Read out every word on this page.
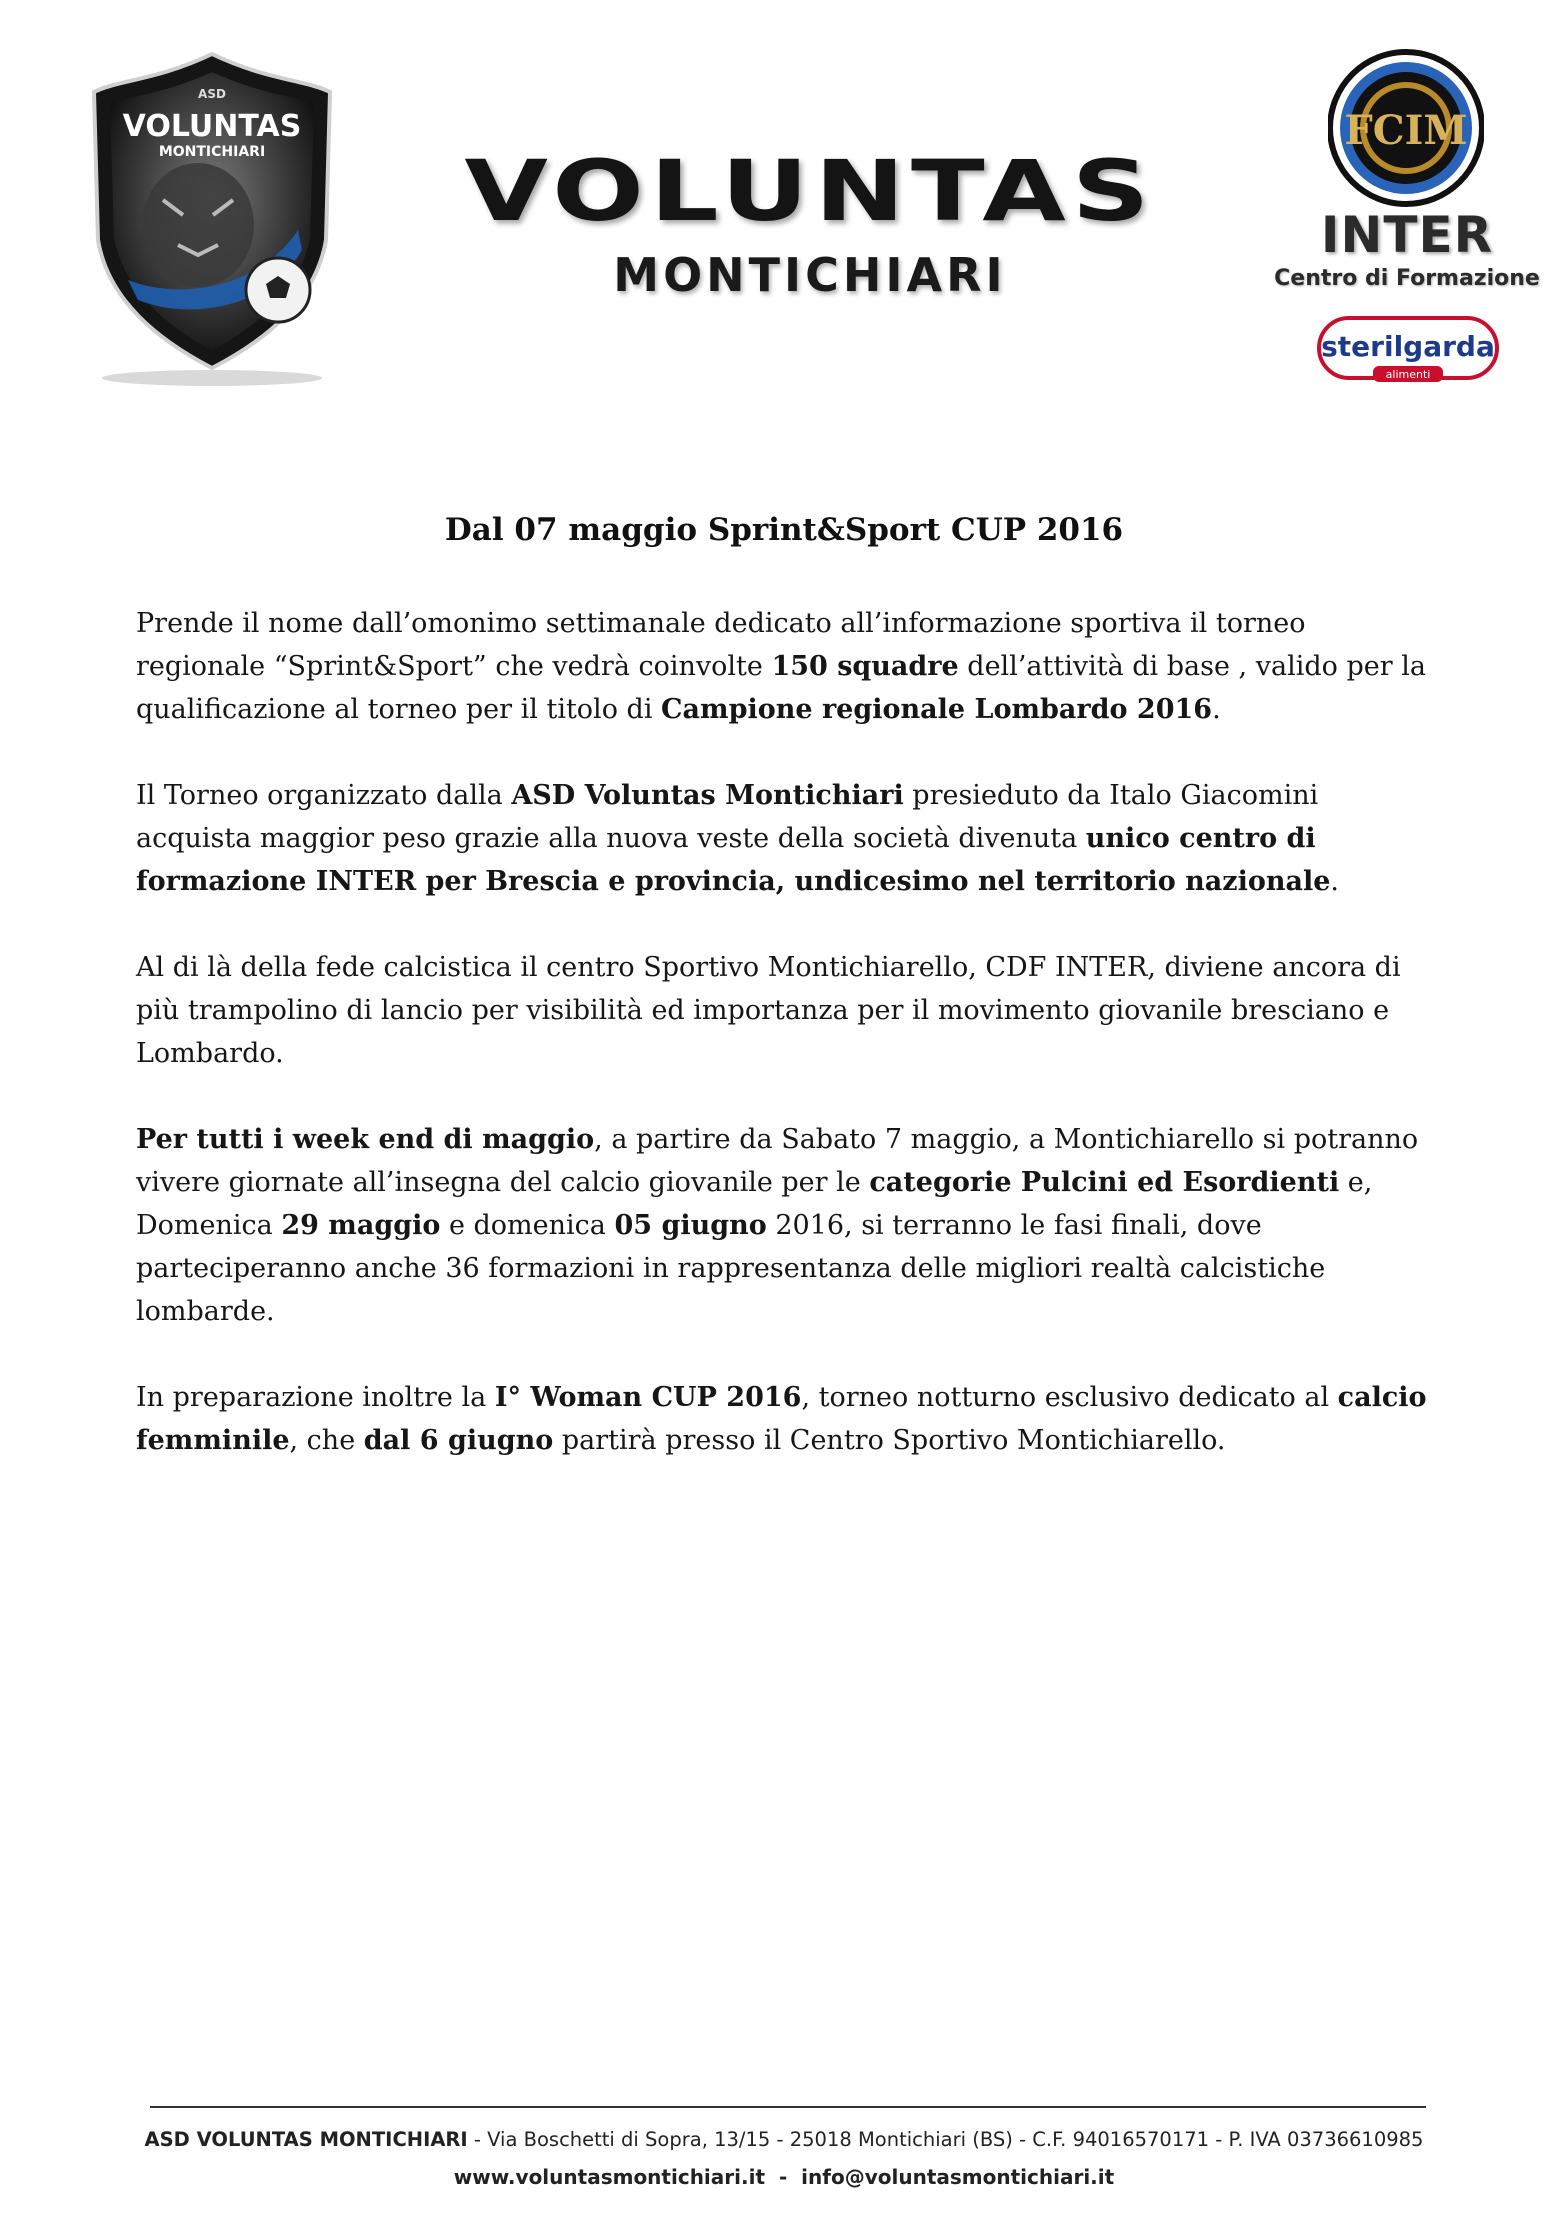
ASD
VOLUNTAS
MONTICHIARI	VOLUNTAS
MONTICHIARI
FCIM
INTER
Centro di Formazione
sterilgarda
alimenti
Dal 07 maggio Sprint&Sport CUP 2016

Prende il nome dall’omonimo settimanale dedicato all’informazione sportiva il torneo regionale “Sprint&Sport” che vedrà coinvolte 150 squadre dell’attività di base , valido per la qualificazione al torneo per il titolo di Campione regionale Lombardo 2016.

Il Torneo organizzato dalla ASD Voluntas Montichiari presieduto da Italo Giacomini acquista maggior peso grazie alla nuova veste della società divenuta unico centro di formazione INTER per Brescia e provincia, undicesimo nel territorio nazionale.

Al di là della fede calcistica il centro Sportivo Montichiarello, CDF INTER, diviene ancora di più trampolino di lancio per visibilità ed importanza per il movimento giovanile bresciano e Lombardo.

Per tutti i week end di maggio, a partire da Sabato 7 maggio, a Montichiarello si potranno vivere giornate all’insegna del calcio giovanile per le categorie Pulcini ed Esordienti e, Domenica 29 maggio e domenica 05 giugno 2016, si terranno le fasi finali, dove parteciperanno anche 36 formazioni in rappresentanza delle migliori realtà calcistiche lombarde.

In preparazione inoltre la I° Woman CUP 2016, torneo notturno esclusivo dedicato al calcio femminile, che dal 6 giugno partirà presso il Centro Sportivo Montichiarello.

ASD VOLUNTAS MONTICHIARI - Via Boschetti di Sopra, 13/15 - 25018 Montichiari (BS) - C.F. 94016570171 - P. IVA 03736610985
www.voluntasmontichiari.it  -  info@voluntasmontichiari.it
